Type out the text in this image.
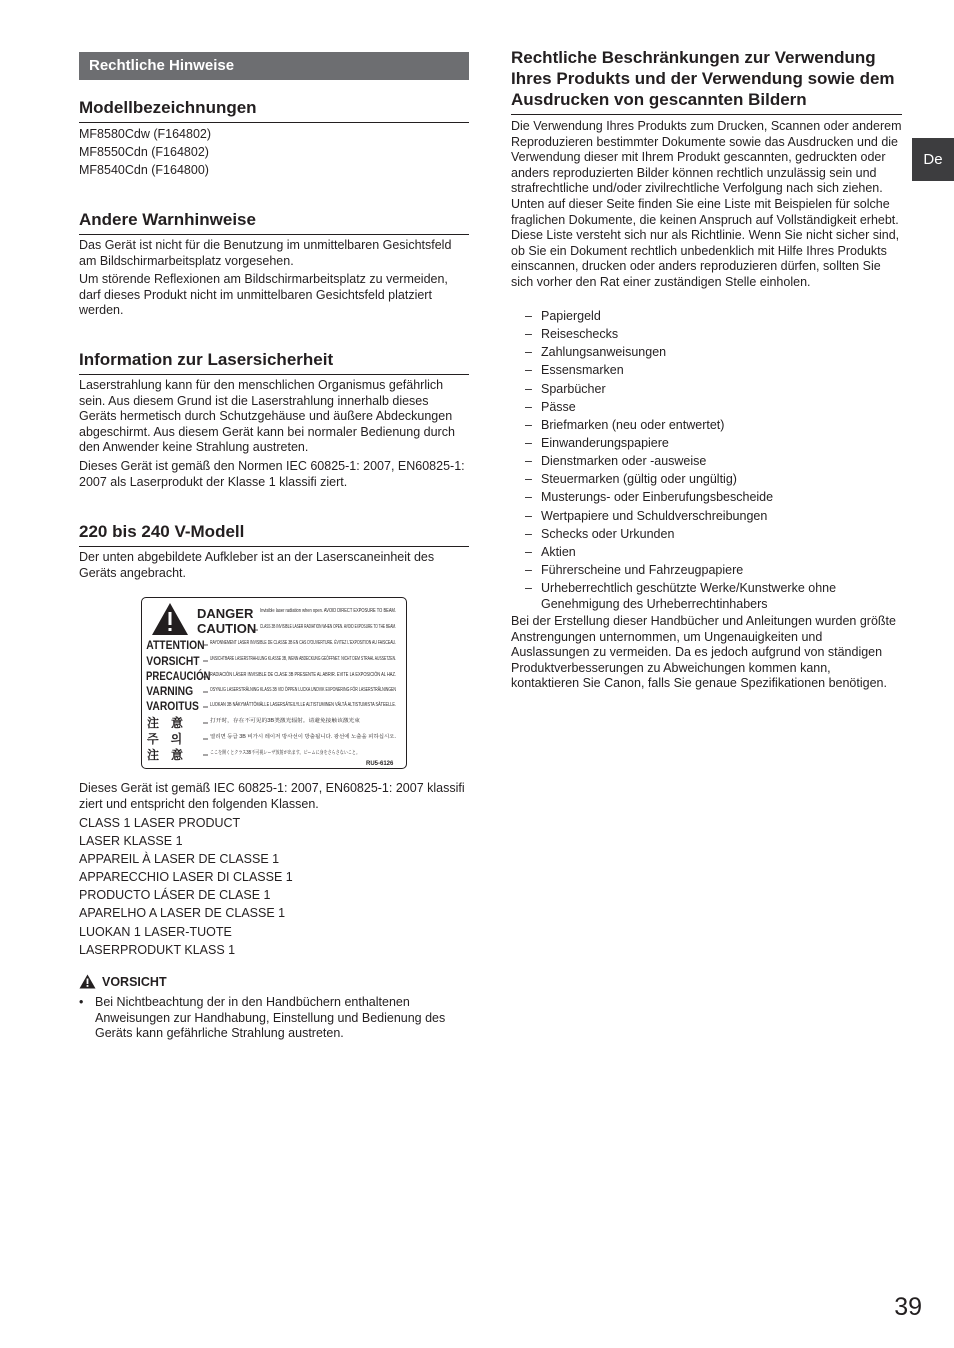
Rechtliche Hinweise
Modellbezeichnungen
MF8580Cdw (F164802)
MF8550Cdn (F164802)
MF8540Cdn (F164800)
Andere Warnhinweise

Das Gerät ist nicht für die Benutzung im unmittelbaren Gesichtsfeld am Bildschirmarbeitsplatz vorgesehen.

Um störende Reflexionen am Bildschirmarbeitsplatz zu vermeiden, darf dieses Produkt nicht im unmittelbaren Gesichtsfeld platziert werden.

Information zur Lasersicherheit

Laserstrahlung kann für den menschlichen Organismus gefährlich sein. Aus diesem Grund ist die Laserstrahlung innerhalb dieses Geräts hermetisch durch Schutzgehäuse und äußere Abdeckungen abgeschirmt. Aus diesem Gerät kann bei normaler Bedienung durch den Anwender keine Strahlung austreten.

Dieses Gerät ist gemäß den Normen IEC 60825-1: 2007, EN60825-1: 2007 als Laserprodukt der Klasse 1 klassifi ziert.

220 bis 240 V-Modell

Der unten abgebildete Aufkleber ist an der Laserscaneinheit des Geräts angebracht.

DANGER
CAUTION
ATTENTION
VORSICHT
PRECAUCIÓN
VARNING
VAROITUS
注　意
주　의
注　意
Invisible laser radiation when open. AVOID DIRECT EXPOSURE TO BEAM.
CLASS 3B INVISIBLE LASER RADIATION WHEN OPEN. AVOID EXPOSURE TO THE BEAM.
RAYONNEMENT LASER INVISIBLE DE CLASSE 3B EN CAS D'OUVERTURE. ÉVITEZ L'EXPOSITION AU FAISCEAU.
UNSICHTBARE LASERSTRAHLUNG KLASSE 3B, WENN ABDECKUNG GEÖFFNET. NICHT DEM STRAHL AUSSETZEN.
RADIACIÓN LÁSER INVISIBLE DE CLASE 3B PRESENTE AL ABRIR. EVITE LA EXPOSICIÓN AL HAZ.
OSYNLIG LASERSTRÅLNING KLASS 3B VID ÖPPEN LUCKA UNDVIK EXPONERING FÖR LASERSTRÅLNINGEN
LUOKAN 3B NÄKYMÄTTÖMÄLLE LASERSÄTEILYLLE ALTISTUMINEN VÄLTÄ ALTISTUMISTA SÄTEELLE.
打开时，存在不可见的3B类激光辐射。请避免接触该激光束
열리면 등급 3B 비가시 레이저 방사선이 방출됩니다. 광선에 노출을 피하십시오.
ここを開くとクラス3B不可視レーザ放射が出ます。ビームに身をさらさないこと。
RU5-6126

Dieses Gerät ist gemäß IEC 60825-1: 2007, EN60825-1: 2007 klassifi ziert und entspricht den folgenden Klassen.

CLASS 1 LASER PRODUCT
LASER KLASSE 1
APPAREIL À LASER DE CLASSE 1
APPARECCHIO LASER DI CLASSE 1
PRODUCTO LÁSER DE CLASE 1
APARELHO A LASER DE CLASSE 1
LUOKAN 1 LASER-TUOTE
LASERPRODUKT KLASS 1
VORSICHT
• Bei Nichtbeachtung der in den Handbüchern enthaltenen Anweisungen zur Handhabung, Einstellung und Bedienung des Geräts kann gefährliche Strahlung austreten.

Rechtliche Beschränkungen zur Verwendung Ihres Produkts und der Verwendung sowie dem Ausdrucken von gescannten Bildern

Die Verwendung Ihres Produkts zum Drucken, Scannen oder anderem Reproduzieren bestimmter Dokumente sowie das Ausdrucken und die Verwendung dieser mit Ihrem Produkt gescannten, gedruckten oder anders reproduzierten Bilder können rechtlich unzulässig sein und strafrechtliche und/oder zivilrechtliche Verfolgung nach sich ziehen. Unten auf dieser Seite finden Sie eine Liste mit Beispielen für solche fraglichen Dokumente, die keinen Anspruch auf Vollständigkeit erhebt. Diese Liste versteht sich nur als Richtlinie. Wenn Sie nicht sicher sind, ob Sie ein Dokument rechtlich unbedenklich mit Hilfe Ihres Produkts einscannen, drucken oder anders reproduzieren dürfen, sollten Sie sich vorher den Rat einer zuständigen Stelle einholen.

– Papiergeld
– Reiseschecks
– Zahlungsanweisungen
– Essensmarken
– Sparbücher
– Pässe
– Briefmarken (neu oder entwertet)
– Einwanderungspapiere
– Dienstmarken oder -ausweise
– Steuermarken (gültig oder ungültig)
– Musterungs- oder Einberufungsbescheide
– Wertpapiere und Schuldverschreibungen
– Schecks oder Urkunden
– Aktien
– Führerscheine und Fahrzeugpapiere
– Urheberrechtlich geschützte Werke/Kunstwerke ohne Genehmigung des Urheberrechtinhabers

Bei der Erstellung dieser Handbücher und Anleitungen wurden größte Anstrengungen unternommen, um Ungenauigkeiten und Auslassungen zu vermeiden. Da es jedoch aufgrund von ständigen Produktverbesserungen zu Abweichungen kommen kann, kontaktieren Sie Canon, falls Sie genaue Spezifikationen benötigen.

De
39
